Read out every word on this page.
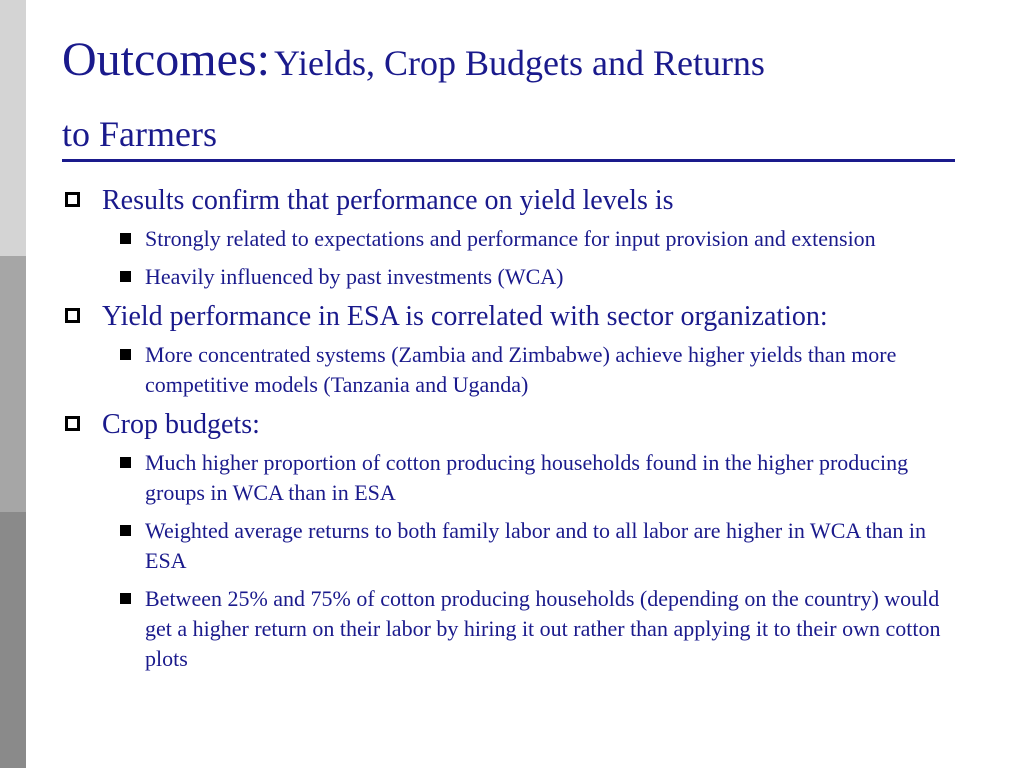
Outcomes: Yields, Crop Budgets and Returns
to Farmers
Results confirm that performance on yield levels is
Strongly related to expectations and performance for input provision and extension
Heavily influenced by past investments (WCA)
Yield performance in ESA is correlated with sector organization:
More concentrated systems (Zambia and Zimbabwe) achieve higher yields than more competitive models (Tanzania and Uganda)
Crop budgets:
Much higher proportion of cotton producing households found in the higher producing groups in WCA than in ESA
Weighted average returns to both family labor and to all labor are higher in WCA than in ESA
Between 25% and 75% of cotton producing households (depending on the country) would get a higher return on their labor by hiring it out rather than applying it to their own cotton plots
